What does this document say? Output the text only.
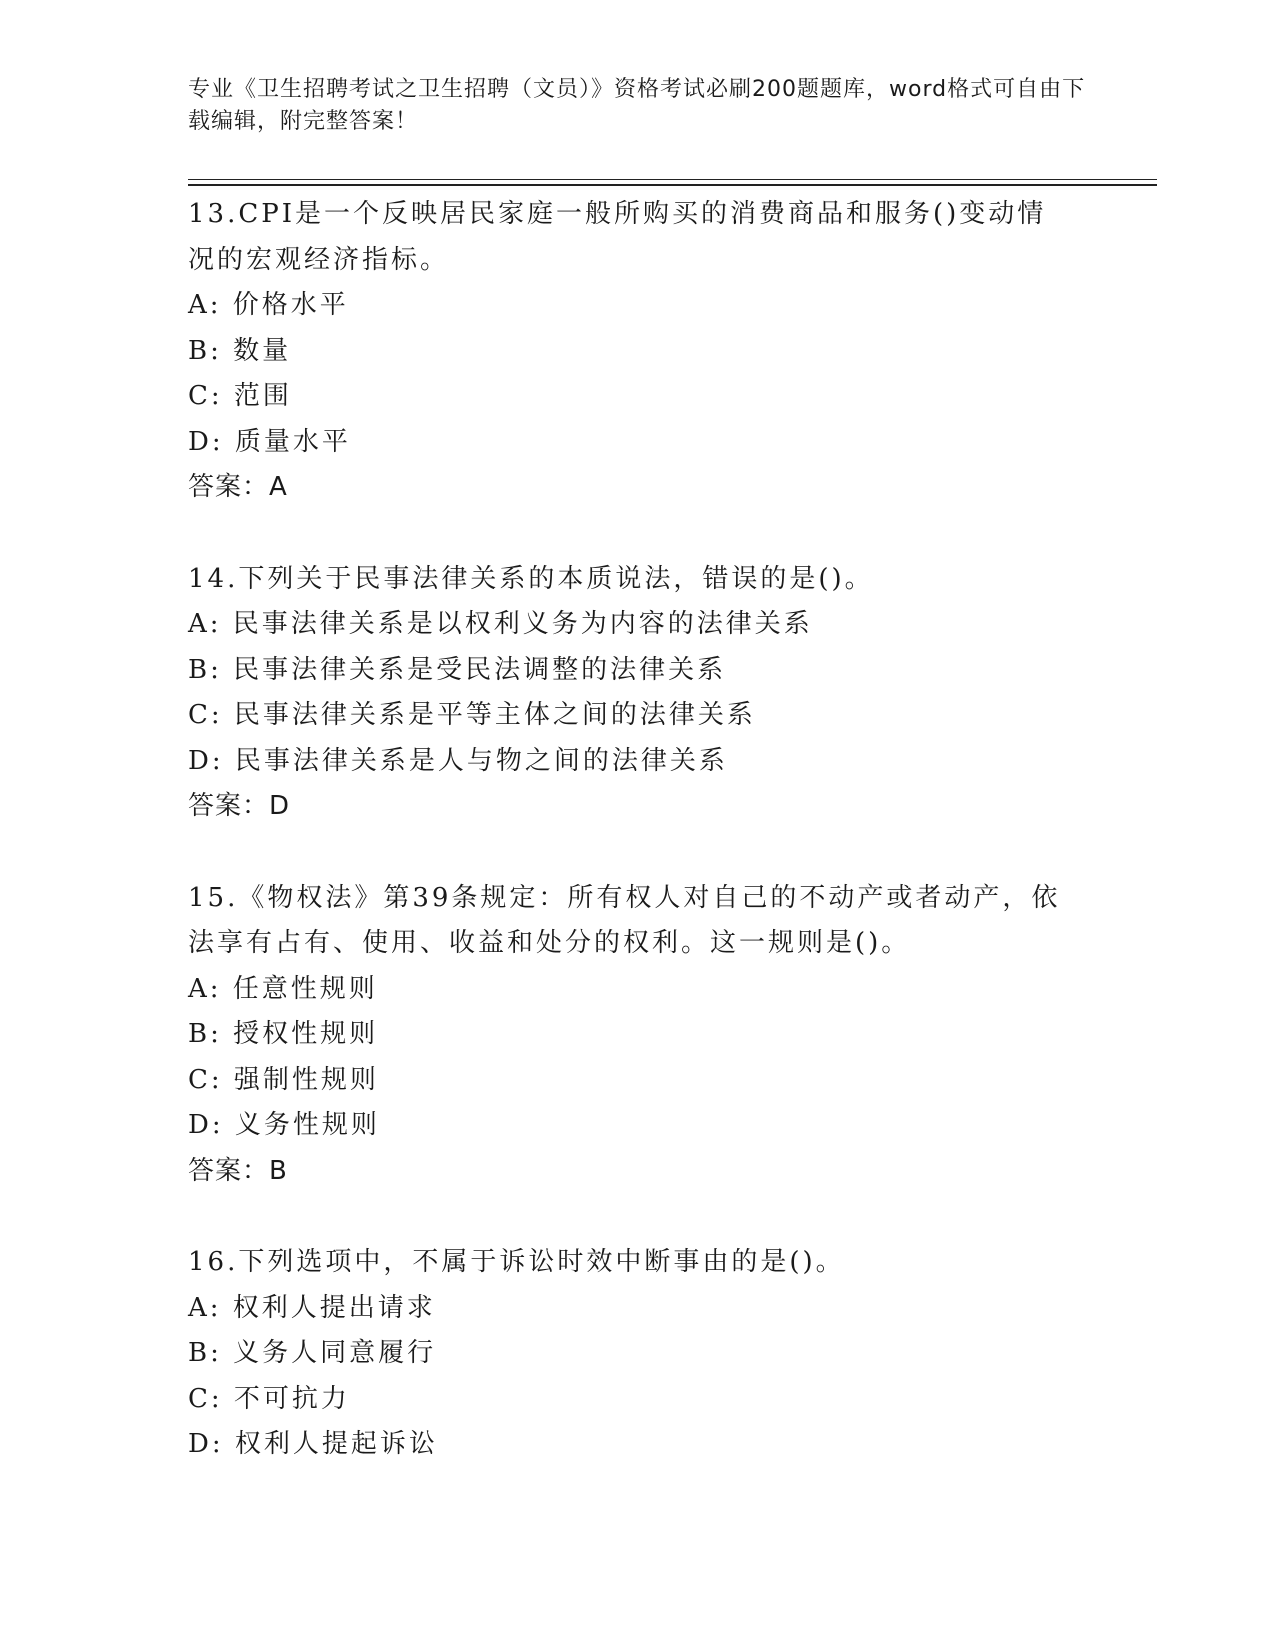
专业《卫生招聘考试之卫生招聘（文员）》资格考试必刷200题题库，word格式可自由下载编辑，附完整答案！

13.CPI是一个反映居民家庭一般所购买的消费商品和服务()变动情况的宏观经济指标。

A: 价格水平

B: 数量

C: 范围

D: 质量水平

答案：A

14.下列关于民事法律关系的本质说法，错误的是()。

A: 民事法律关系是以权利义务为内容的法律关系

B: 民事法律关系是受民法调整的法律关系

C: 民事法律关系是平等主体之间的法律关系

D: 民事法律关系是人与物之间的法律关系

答案：D

15.《物权法》第39条规定：所有权人对自己的不动产或者动产，依法享有占有、使用、收益和处分的权利。这一规则是()。

A: 任意性规则

B: 授权性规则

C: 强制性规则

D: 义务性规则

答案：B

16.下列选项中，不属于诉讼时效中断事由的是()。

A: 权利人提出请求

B: 义务人同意履行

C: 不可抗力

D: 权利人提起诉讼
